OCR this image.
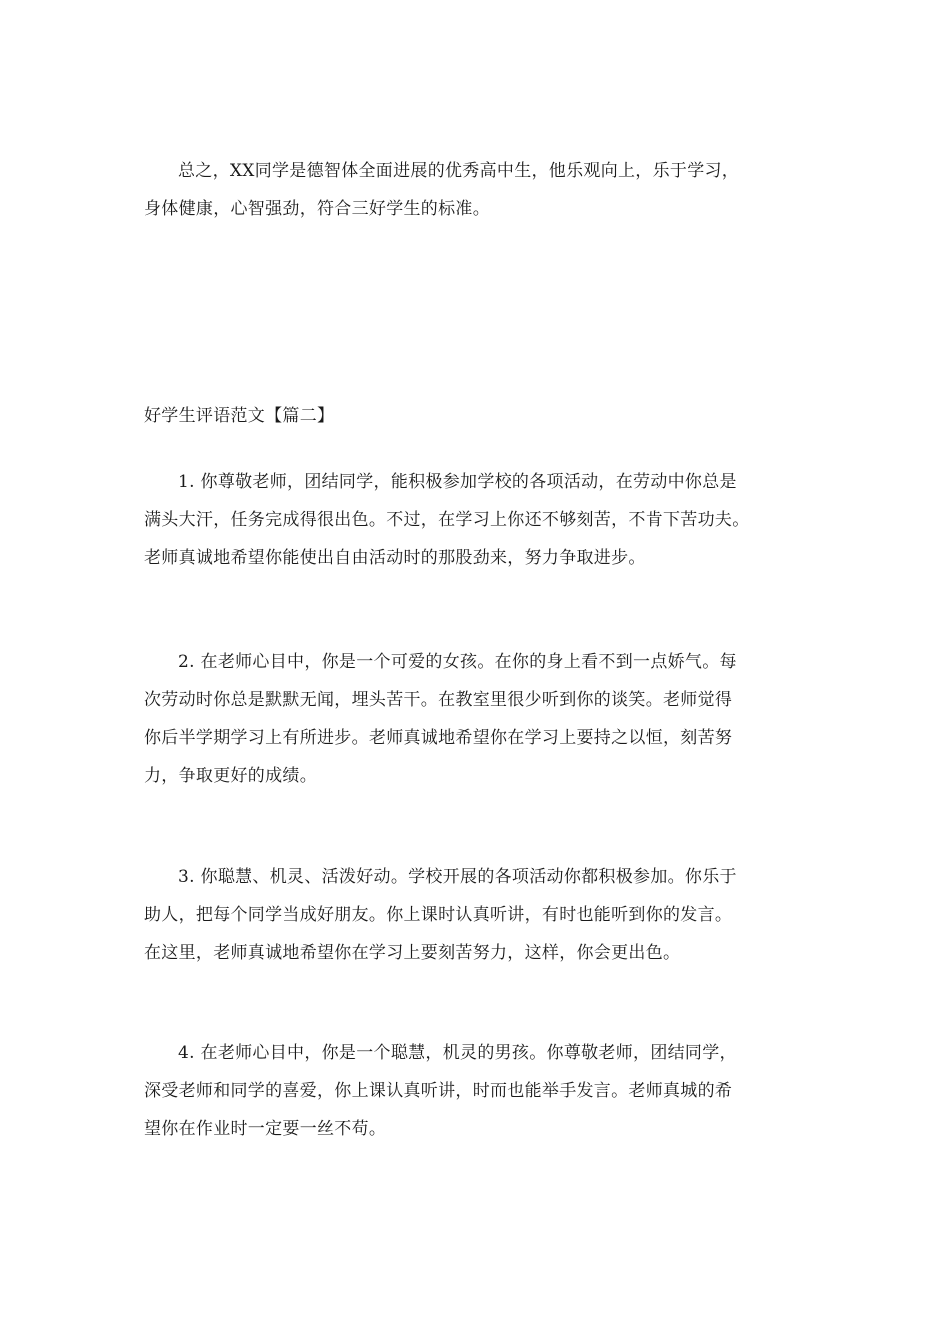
总之，XX同学是德智体全面进展的优秀高中生，他乐观向上，乐于学习，
身体健康，心智强劲，符合三好学生的标准。

好学生评语范文【篇二】

1. 你尊敬老师，团结同学，能积极参加学校的各项活动，在劳动中你总是
满头大汗，任务完成得很出色。不过，在学习上你还不够刻苦，不肯下苦功夫。
老师真诚地希望你能使出自由活动时的那股劲来，努力争取进步。

2. 在老师心目中，你是一个可爱的女孩。在你的身上看不到一点娇气。每
次劳动时你总是默默无闻，埋头苦干。在教室里很少听到你的谈笑。老师觉得
你后半学期学习上有所进步。老师真诚地希望你在学习上要持之以恒，刻苦努
力，争取更好的成绩。

3. 你聪慧、机灵、活泼好动。学校开展的各项活动你都积极参加。你乐于
助人，把每个同学当成好朋友。你上课时认真听讲，有时也能听到你的发言。
在这里，老师真诚地希望你在学习上要刻苦努力，这样，你会更出色。

4. 在老师心目中，你是一个聪慧，机灵的男孩。你尊敬老师，团结同学，
深受老师和同学的喜爱，你上课认真听讲，时而也能举手发言。老师真城的希
望你在作业时一定要一丝不苟。
